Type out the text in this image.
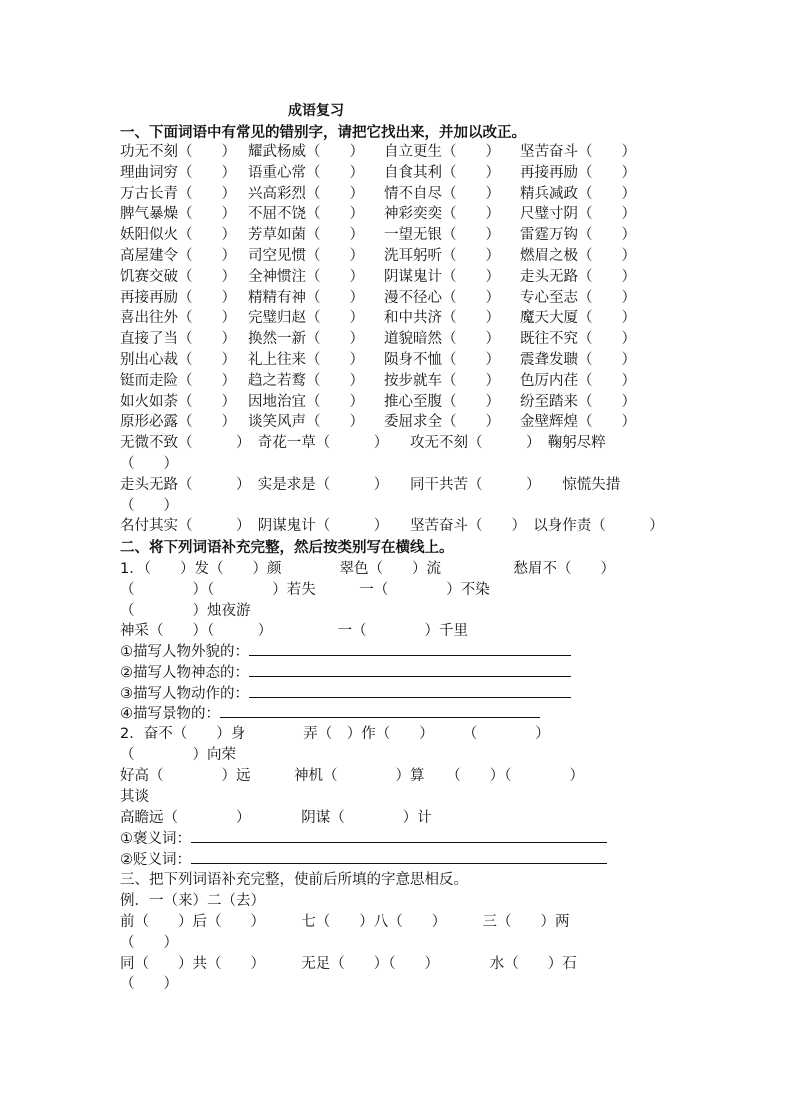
成语复习
一、下面词语中有常见的错别字，请把它找出来，并加以改正。
功无不刻（　　） 耀武杨威（　　） 自立更生（　　） 坚苦奋斗（　　）
理曲词穷（　　） 语重心常（　　） 自食其利（　　） 再接再励（　　）
万古长青（　　） 兴高彩烈（　　） 情不自尽（　　） 精兵减政（　　）
脾气暴燥（　　） 不屈不饶（　　） 神彩奕奕（　　） 尺璧寸阴（　　）
妖阳似火（　　） 芳草如菌（　　） 一望无银（　　） 雷霆万钩（　　）
高屋建令（　　） 司空见惯（　　） 洗耳躬听（　　） 燃眉之极（　　）
饥赛交破（　　） 全神惯注（　　） 阴谋鬼计（　　） 走头无路（　　）
再接再励（　　） 精精有神（　　） 漫不径心（　　） 专心至志（　　）
喜出往外（　　） 完璧归赵（　　） 和中共济（　　） 魔天大厦（　　）
直接了当（　　） 换然一新（　　） 道貌暗然（　　） 既往不究（　　）
别出心裁（　　） 礼上往来（　　） 陨身不恤（　　） 震聋发聩（　　）
铤而走险（　　） 趋之若鹜（　　） 按步就车（　　） 色厉内荏（　　）
如火如荼（　　） 因地治宜（　　） 推心至腹（　　） 纷至踏来（　　）
原形必露（　　） 谈笑风声（　　） 委屈求全（　　） 金壁辉煌（　　）
无微不致（　　　）　奇花一草（　　　）　　攻无不刻（　　　）　鞠躬尽粹
（　　）
走头无路（　　　）　实是求是（　　　）　　同干共苦（　　　）　　惊慌失措
（　　）
名付其实（　　　）　阴谋鬼计（　　　）　　坚苦奋斗（　　）　以身作责（　　　）
二、将下列词语补充完整，然后按类别写在横线上。
1．（　　）发（　　）颜　　　　翠色（　　）流　　　　　愁眉不（　　）
（　　　　）（　　　　）若失　　　一（　　　　）不染
（　　　　）烛夜游
神采（　　）（　　　）　　　　　一（　　　　）千里
①描写人物外貌的：
②描写人物神态的：
③描写人物动作的：
④描写景物的：
2．奋不（　　）身　　　　弄（　）作（　　）　　　（　　　　）
（　　　　）向荣
好高（　　　　）远　　　神机（　　　　）算　　（　　）（　　　　）
其谈
高瞻远（　　　　）　　　　阴谋（　　　　）计
①褒义词：
②贬义词：
三、把下列词语补充完整，使前后所填的字意思相反。
例．一（来）二（去）
前（　　）后（　　）　　　七（　　）八（　　）　　　三（　　）两
（　　）
同（　　）共（　　）　　　无足（　　）（　　）　　　　水（　　）石
（　　）
